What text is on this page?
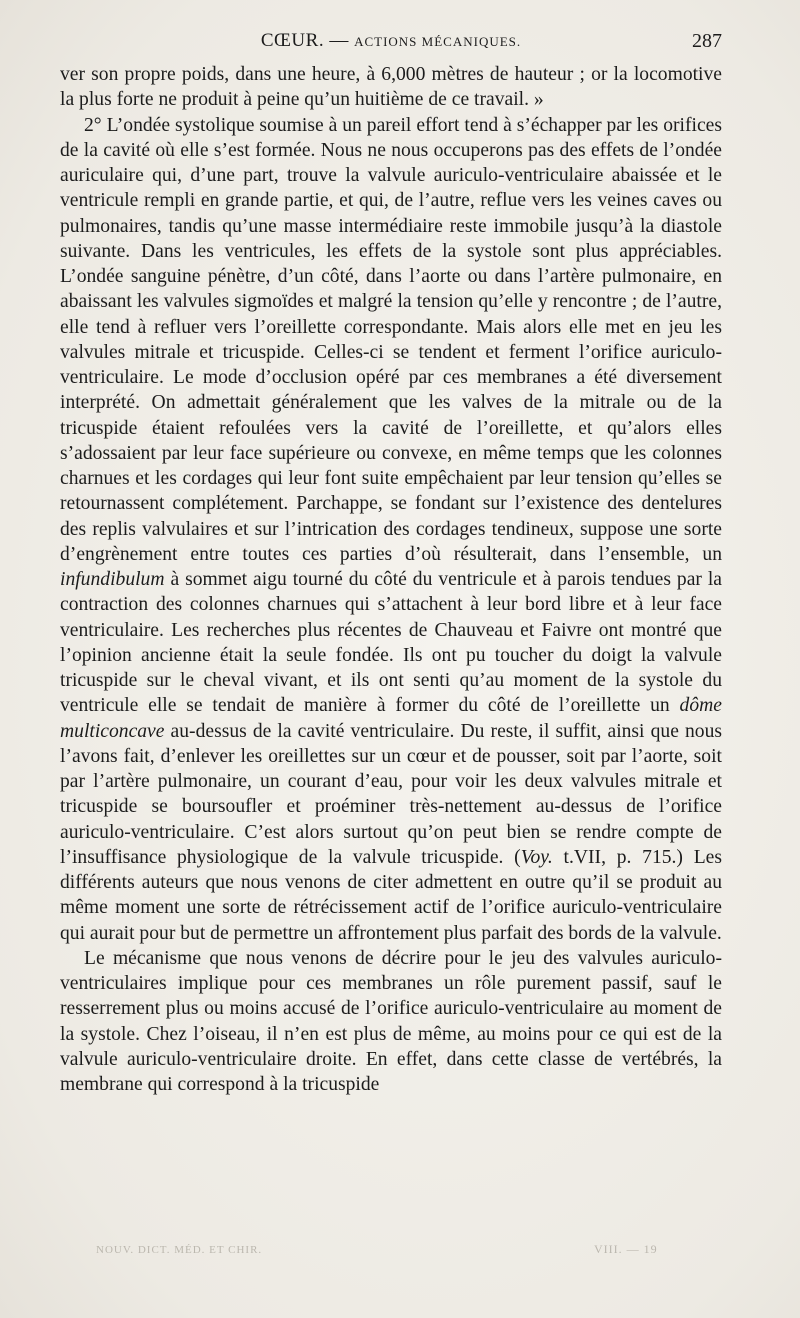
CŒUR. — ACTIONS MÉCANIQUES.	287

ver son propre poids, dans une heure, à 6,000 mètres de hauteur ; or la locomotive la plus forte ne produit à peine qu’un huitième de ce travail. »

2° L’ondée systolique soumise à un pareil effort tend à s’échapper par les orifices de la cavité où elle s’est formée. Nous ne nous occuperons pas des effets de l’ondée auriculaire qui, d’une part, trouve la valvule auriculo-ventriculaire abaissée et le ventricule rempli en grande partie, et qui, de l’autre, reflue vers les veines caves ou pulmonaires, tandis qu’une masse intermédiaire reste immobile jusqu’à la diastole suivante. Dans les ventricules, les effets de la systole sont plus appréciables. L’ondée sanguine pénètre, d’un côté, dans l’aorte ou dans l’artère pulmonaire, en abaissant les valvules sigmoïdes et malgré la tension qu’elle y rencontre ; de l’autre, elle tend à refluer vers l’oreillette correspondante. Mais alors elle met en jeu les valvules mitrale et tricuspide. Celles-ci se tendent et ferment l’orifice auriculo-ventriculaire. Le mode d’occlusion opéré par ces membranes a été diversement interprété. On admettait généralement que les valves de la mitrale ou de la tricuspide étaient refoulées vers la cavité de l’oreillette, et qu’alors elles s’adossaient par leur face supérieure ou convexe, en même temps que les colonnes charnues et les cordages qui leur font suite empêchaient par leur tension qu’elles se retournassent complétement. Parchappe, se fondant sur l’existence des dentelures des replis valvulaires et sur l’intrication des cordages tendineux, suppose une sorte d’engrènement entre toutes ces parties d’où résulterait, dans l’ensemble, un infundibulum à sommet aigu tourné du côté du ventricule et à parois tendues par la contraction des colonnes charnues qui s’attachent à leur bord libre et à leur face ventriculaire. Les recherches plus récentes de Chauveau et Faivre ont montré que l’opinion ancienne était la seule fondée. Ils ont pu toucher du doigt la valvule tricuspide sur le cheval vivant, et ils ont senti qu’au moment de la systole du ventricule elle se tendait de manière à former du côté de l’oreillette un dôme multiconcave au-dessus de la cavité ventriculaire. Du reste, il suffit, ainsi que nous l’avons fait, d’enlever les oreillettes sur un cœur et de pousser, soit par l’aorte, soit par l’artère pulmonaire, un courant d’eau, pour voir les deux valvules mitrale et tricuspide se boursoufler et proéminer très-nettement au-dessus de l’orifice auriculo-ventriculaire. C’est alors surtout qu’on peut bien se rendre compte de l’insuffisance physiologique de la valvule tricuspide. (Voy. t.VII, p. 715.) Les différents auteurs que nous venons de citer admettent en outre qu’il se produit au même moment une sorte de rétrécissement actif de l’orifice auriculo-ventriculaire qui aurait pour but de permettre un affrontement plus parfait des bords de la valvule.

Le mécanisme que nous venons de décrire pour le jeu des valvules auriculo-ventriculaires implique pour ces membranes un rôle purement passif, sauf le resserrement plus ou moins accusé de l’orifice auriculo-ventriculaire au moment de la systole. Chez l’oiseau, il n’en est plus de même, au moins pour ce qui est de la valvule auriculo-ventriculaire droite. En effet, dans cette classe de vertébrés, la membrane qui correspond à la tricuspide

NOUV. DICT. MÉD. ET CHIR.	VIII. — 19
